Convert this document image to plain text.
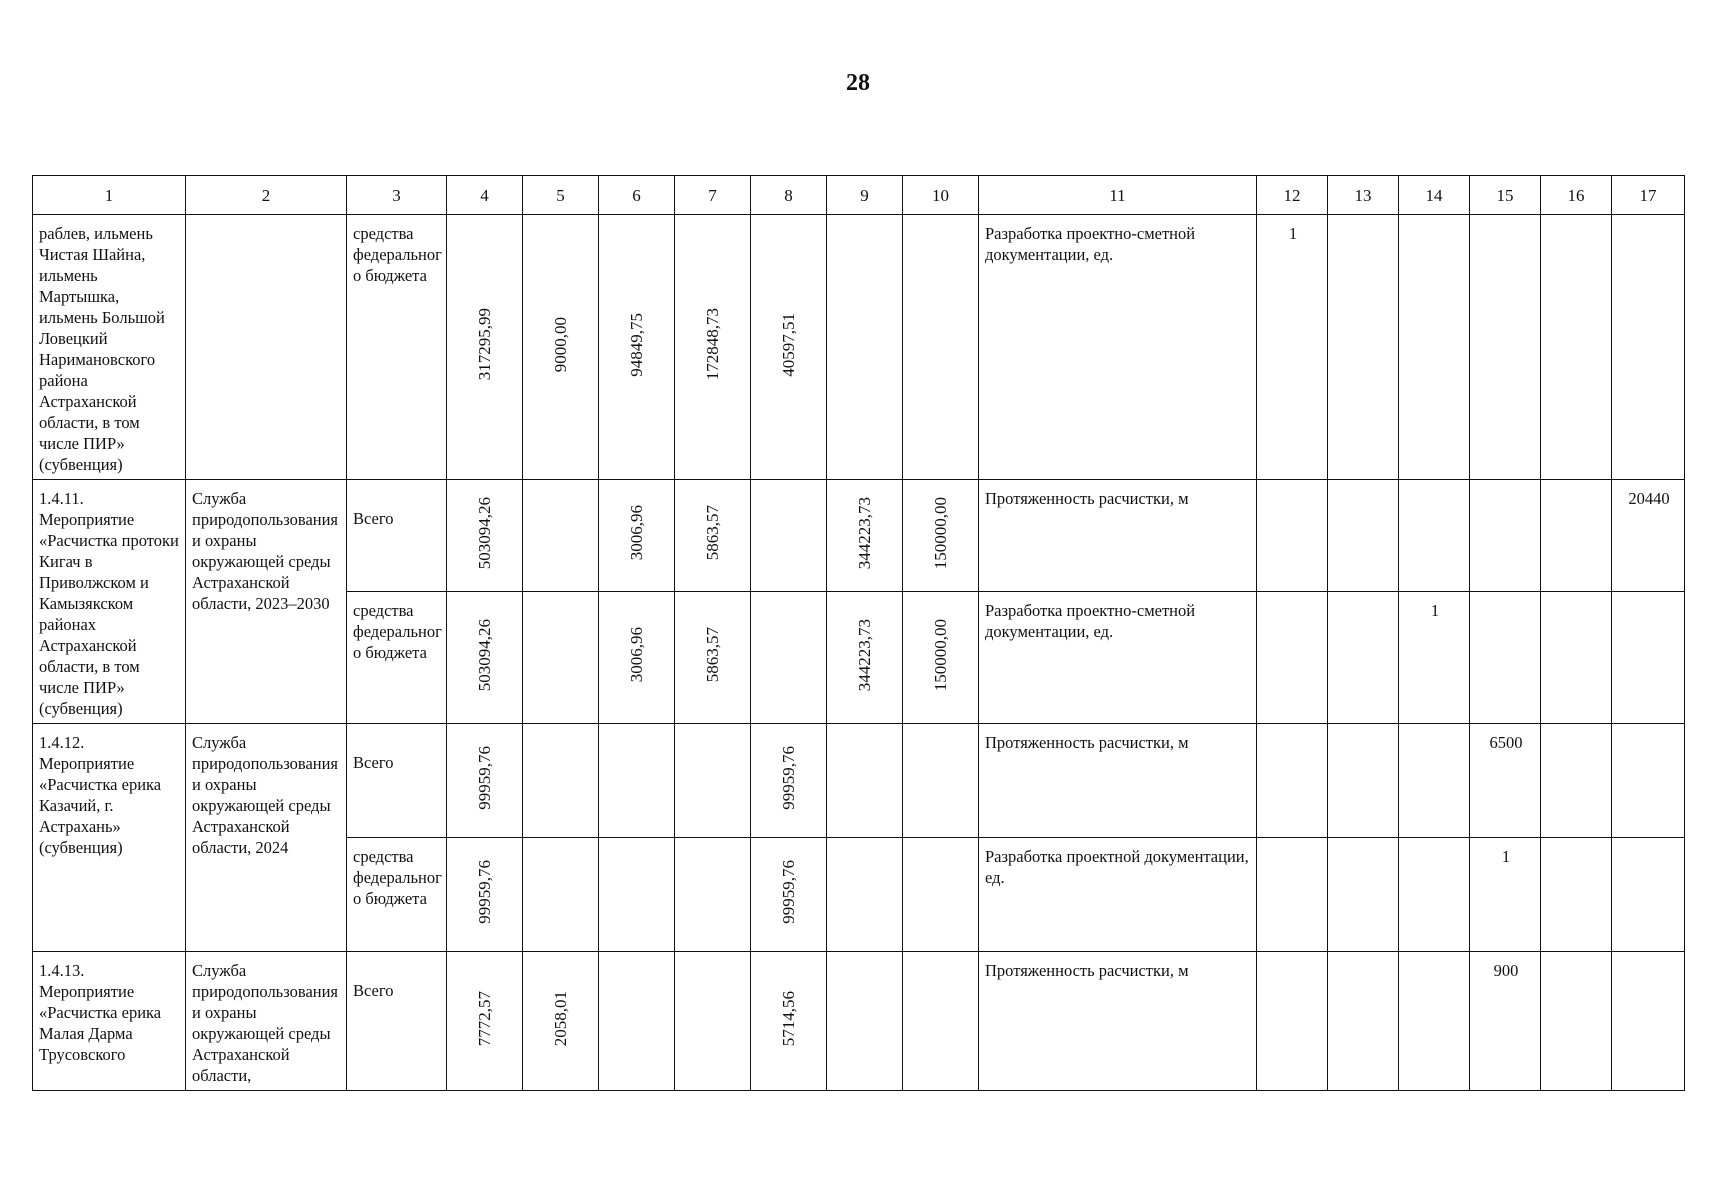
28
1	2	3	4	5	6	7	8	9	10	11	12	13	14	15	16	17
раблев, ильмень Чистая Шайна, ильмень Мартышка, ильмень Большой Ловецкий Наримановского района Астраханской области, в том числе ПИР» (субвенция)		средства федерального бюджета	317295,99	9000,00	94849,75	172848,73	40597,51			Разработка проектно-сметной документации, ед.	1					
1.4.11. Мероприятие «Расчистка протоки Кигач в Приволжском и Камызякском районах Астраханской области, в том числе ПИР» (субвенция)	Служба природопользования и охраны окружающей среды Астраханской области, 2023–2030	Всего	503094,26		3006,96	5863,57		344223,73	150000,00	Протяженность расчистки, м						20440
		средства федерального бюджета	503094,26		3006,96	5863,57		344223,73	150000,00	Разработка проектно-сметной документации, ед.			1			
1.4.12. Мероприятие «Расчистка ерика Казачий, г. Астрахань» (субвенция)	Служба природопользования и охраны окружающей среды Астраханской области, 2024	Всего	99959,76				99959,76			Протяженность расчистки, м				6500		
		средства федерального бюджета	99959,76				99959,76			Разработка проектной документации, ед.				1		
1.4.13. Мероприятие «Расчистка ерика Малая Дарма Трусовского	Служба природопользования и охраны окружающей среды Астраханской области,	Всего	7772,57	2058,01			5714,56			Протяженность расчистки, м				900		
